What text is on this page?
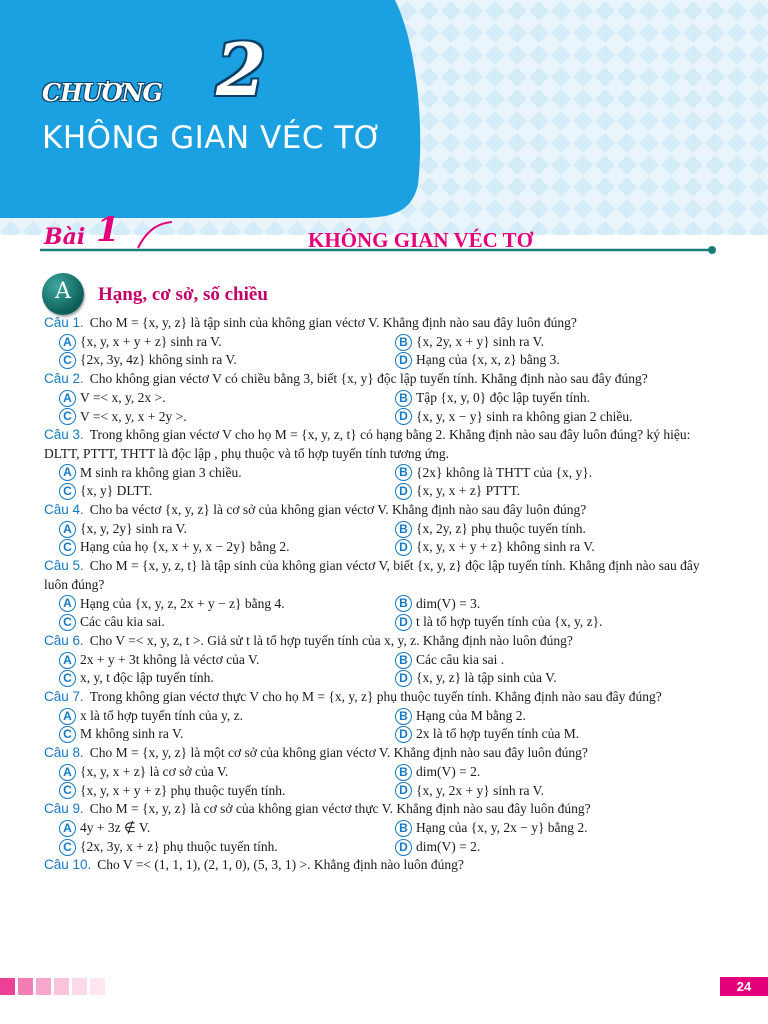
CHƯƠNG 2
KHÔNG GIAN VÉC TƠ
Bài 1	KHÔNG GIAN VÉC TƠ
A	Hạng, cơ sở, số chiều
Câu 1. Cho M = {x, y, z} là tập sinh của không gian véctơ V. Khẳng định nào sau đây luôn đúng?
A {x, y, x + y + z} sinh ra V.	B {x, 2y, x + y} sinh ra V.
C {2x, 3y, 4z} không sinh ra V.	D Hạng của {x, x, z} bằng 3.
Câu 2. Cho không gian véctơ V có chiều bằng 3, biết {x, y} độc lập tuyến tính. Khẳng định nào sau đây đúng?
A V =< x, y, 2x >.	B Tập {x, y, 0} độc lập tuyến tính.
C V =< x, y, x + 2y >.	D {x, y, x − y} sinh ra không gian 2 chiều.
Câu 3. Trong không gian véctơ V cho họ M = {x, y, z, t} có hạng bằng 2. Khẳng định nào sau đây luôn đúng? ký hiệu: DLTT, PTTT, THTT là độc lập , phụ thuộc và tổ hợp tuyến tính tương ứng.
A M sinh ra không gian 3 chiều.	B {2x} không là THTT của {x, y}.
C {x, y} DLTT.	D {x, y, x + z} PTTT.
Câu 4. Cho ba véctơ {x, y, z} là cơ sở của không gian véctơ V. Khẳng định nào sau đây luôn đúng?
A {x, y, 2y} sinh ra V.	B {x, 2y, z} phụ thuộc tuyến tính.
C Hạng của họ {x, x + y, x − 2y} bằng 2.	D {x, y, x + y + z} không sinh ra V.
Câu 5. Cho M = {x, y, z, t} là tập sinh của không gian véctơ V, biết {x, y, z} độc lập tuyến tính. Khẳng định nào sau đây luôn đúng?
A Hạng của {x, y, z, 2x + y − z} bằng 4.	B dim(V) = 3.
C Các câu kia sai.	D t là tổ hợp tuyến tính của {x, y, z}.
Câu 6. Cho V =< x, y, z, t >. Giả sử t là tổ hợp tuyến tính của x, y, z. Khẳng định nào luôn đúng?
A 2x + y + 3t không là véctơ của V.	B Các câu kia sai .
C x, y, t độc lập tuyến tính.	D {x, y, z} là tập sinh của V.
Câu 7. Trong không gian véctơ thực V cho họ M = {x, y, z} phụ thuộc tuyến tính. Khẳng định nào sau đây đúng?
A x là tổ hợp tuyến tính của y, z.	B Hạng của M bằng 2.
C M không sinh ra V.	D 2x là tổ hợp tuyến tính của M.
Câu 8. Cho M = {x, y, z} là một cơ sở của không gian véctơ V. Khẳng định nào sau đây luôn đúng?
A {x, y, x + z} là cơ sở của V.	B dim(V) = 2.
C {x, y, x + y + z} phụ thuộc tuyến tính.	D {x, y, 2x + y} sinh ra V.
Câu 9. Cho M = {x, y, z} là cơ sở của không gian véctơ thực V. Khẳng định nào sau đây luôn đúng?
A 4y + 3z ∉ V.	B Hạng của {x, y, 2x − y} bằng 2.
C {2x, 3y, x + z} phụ thuộc tuyến tính.	D dim(V) = 2.
Câu 10. Cho V =< (1, 1, 1), (2, 1, 0), (5, 3, 1) >. Khẳng định nào luôn đúng?
24
